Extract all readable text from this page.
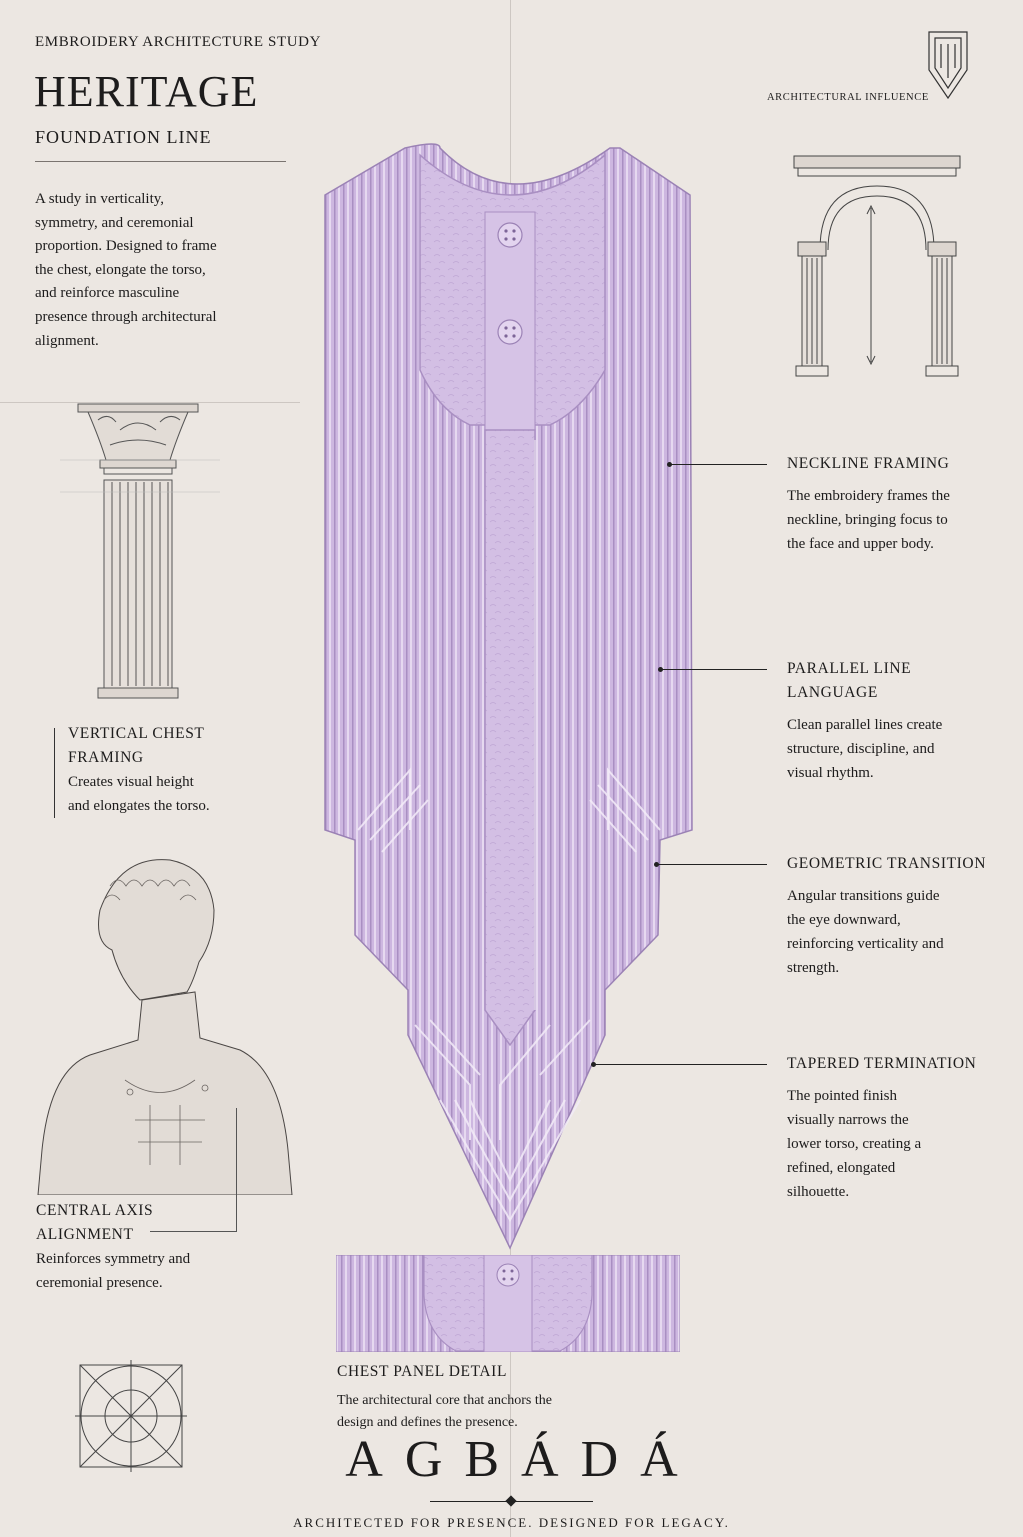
EMBROIDERY ARCHITECTURE STUDY
HERITAGE
FOUNDATION LINE
A study in verticality, symmetry, and ceremonial proportion. Designed to frame the chest, elongate the torso, and reinforce masculine presence through architectural alignment.
VERTICAL CHEST FRAMING
Creates visual height and elongates the torso.
CENTRAL AXIS ALIGNMENT
Reinforces symmetry and ceremonial presence.
ARCHITECTURAL INFLUENCE
NECKLINE FRAMING
The embroidery frames the neckline, bringing focus to the face and upper body.
PARALLEL LINE LANGUAGE
Clean parallel lines create structure, discipline, and visual rhythm.
GEOMETRIC TRANSITION
Angular transitions guide the eye downward, reinforcing verticality and strength.
TAPERED TERMINATION
The pointed finish visually narrows the lower torso, creating a refined, elongated silhouette.
CHEST PANEL DETAIL
The architectural core that anchors the design and defines the presence.
AGBÁDÁ
ARCHITECTED FOR PRESENCE. DESIGNED FOR LEGACY.
